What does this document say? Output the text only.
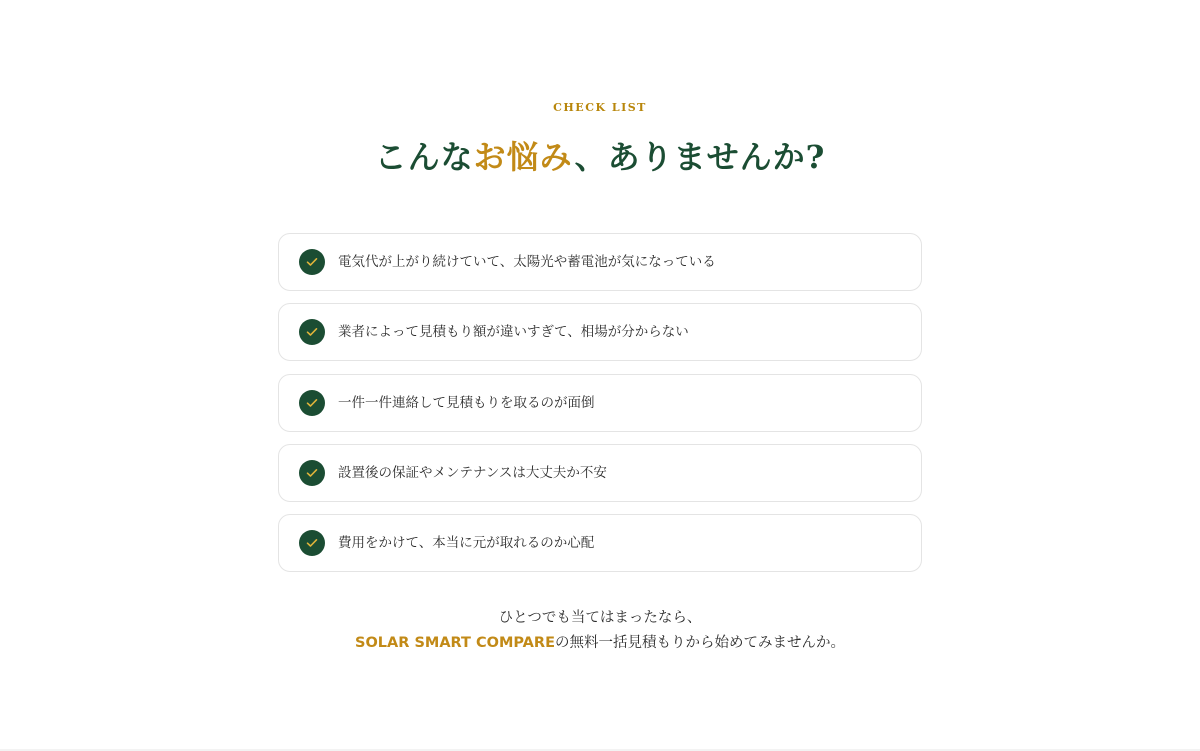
CHECK LIST
こんなお悩み、ありませんか?
電気代が上がり続けていて、太陽光や蓄電池が気になっている
業者によって見積もり額が違いすぎて、相場が分からない
一件一件連絡して見積もりを取るのが面倒
設置後の保証やメンテナンスは大丈夫か不安
費用をかけて、本当に元が取れるのか心配
ひとつでも当てはまったなら、
SOLAR SMART COMPAREの無料一括見積もりから始めてみませんか。
